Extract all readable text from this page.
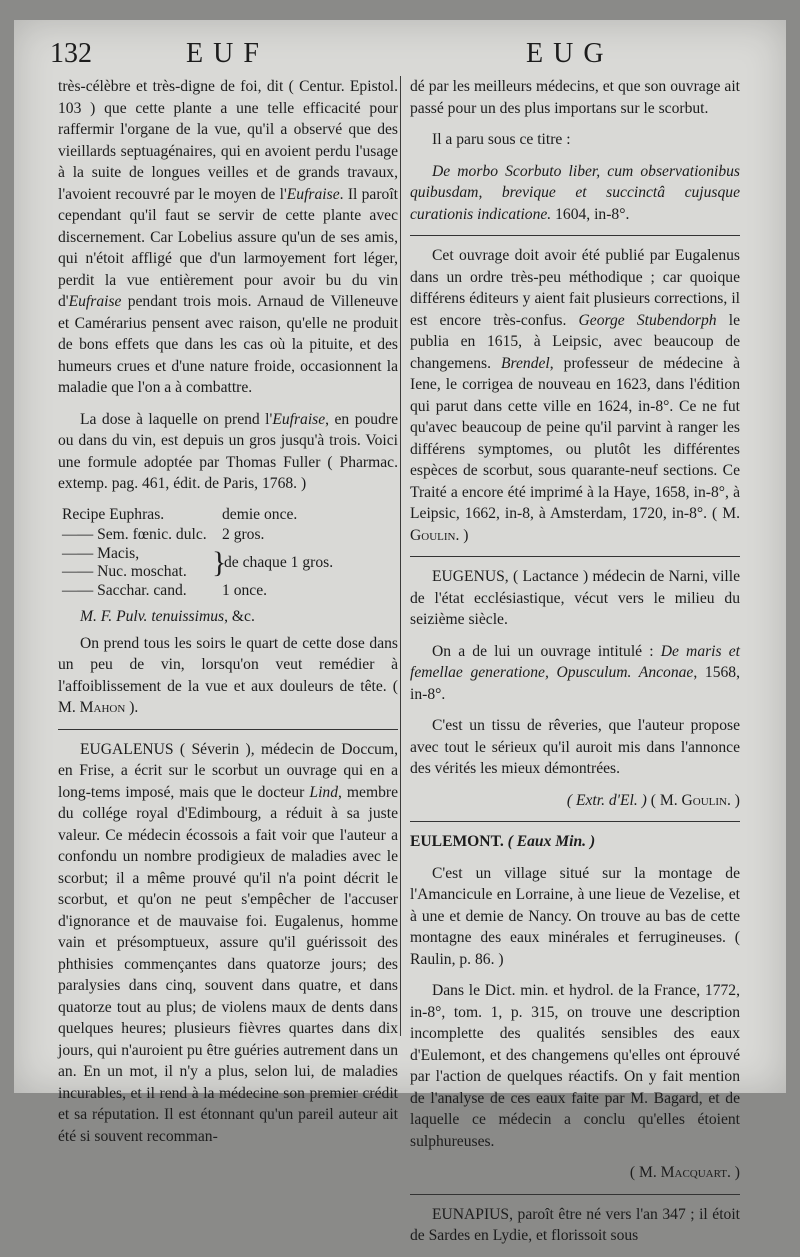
132	EUF	EUG

très-célèbre et très-digne de foi, dit ( Centur. Epistol. 103 ) que cette plante a une telle efficacité pour raffermir l'organe de la vue, qu'il a observé que des vieillards septuagénaires, qui en avoient perdu l'usage à la suite de longues veilles et de grands travaux, l'avoient recouvré par le moyen de l'Eufraise. Il paroît cependant qu'il faut se servir de cette plante avec discernement. Car Lobelius assure qu'un de ses amis, qui n'étoit affligé que d'un larmoyement fort léger, perdit la vue entièrement pour avoir bu du vin d'Eufraise pendant trois mois. Arnaud de Villeneuve et Camérarius pensent avec raison, qu'elle ne produit de bons effets que dans les cas où la pituite, et des humeurs crues et d'une nature froide, occasionnent la maladie que l'on a à combattre.

La dose à laquelle on prend l'Eufraise, en poudre ou dans du vin, est depuis un gros jusqu'à trois. Voici une formule adoptée par Thomas Fuller ( Pharmac. extemp. pag. 461, édit. de Paris, 1768. )

Recipe Euphras.	demie once.
—— Sem. fœnic. dulc. 2 gros.
—— Macis,
—— Nuc. moschat. }
de chaque 1 gros.
—— Sacchar. cand.	1 once.
M. F. Pulv. tenuissimus , &c.

On prend tous les soirs le quart de cette dose dans un peu de vin, lorsqu'on veut remédier à l'affoiblissement de la vue et aux douleurs de tête. ( M. Mahon ).

EUGALENUS ( Séverin ), médecin de Doccum, en Frise, a écrit sur le scorbut un ouvrage qui en a long-tems imposé, mais que le docteur Lind, membre du collége royal d'Edimbourg, a réduit à sa juste valeur. Ce médecin écossois a fait voir que l'auteur a confondu un nombre prodigieux de maladies avec le scorbut; il a même prouvé qu'il n'a point décrit le scorbut, et qu'on ne peut s'empêcher de l'accuser d'ignorance et de mauvaise foi. Eugalenus, homme vain et présomptueux, assure qu'il guérissoit des phthisies commençantes dans quatorze jours; des paralysies dans cinq, souvent dans quatre, et dans quatorze tout au plus; de violens maux de dents dans quelques heures; plusieurs fièvres quartes dans dix jours, qui n'auroient pu être guéries autrement dans un an. En un mot, il n'y a plus, selon lui, de maladies incurables, et il rend à la médecine son premier crédit et sa réputation. Il est étonnant qu'un pareil auteur ait été si souvent recomman-

dé par les meilleurs médecins, et que son ouvrage ait passé pour un des plus importans sur le scorbut.

Il a paru sous ce titre :

De morbo Scorbuto liber, cum observationibus quibusdam, brevique et succinctâ cujusque curationis indicatione. 1604, in-8°.

Cet ouvrage doit avoir été publié par Eugalenus dans un ordre très-peu méthodique ; car quoique différens éditeurs y aient fait plusieurs corrections, il est encore très-confus. George Stubendorph le publia en 1615, à Leipsic, avec beaucoup de changemens. Brendel, professeur de médecine à Iene, le corrigea de nouveau en 1623, dans l'édition qui parut dans cette ville en 1624, in-8°. Ce ne fut qu'avec beaucoup de peine qu'il parvint à ranger les différens symptomes, ou plutôt les différentes espèces de scorbut, sous quarante-neuf sections. Ce Traité a encore été imprimé à la Haye, 1658, in-8°, à Leipsic, 1662, in-8, à Amsterdam, 1720, in-8°. ( M. Goulin. )

EUGENUS, ( Lactance ) médecin de Narni, ville de l'état ecclésiastique, vécut vers le milieu du seizième siècle.

On a de lui un ouvrage intitulé : De maris et femellae generatione, Opusculum. Anconae, 1568, in-8°.

C'est un tissu de rêveries, que l'auteur propose avec tout le sérieux qu'il auroit mis dans l'annonce des vérités les mieux démontrées.

( Extr. d'El. ) ( M. Goulin. )

EULEMONT. ( Eaux Min. )

C'est un village situé sur la montage de l'Amancicule en Lorraine, à une lieue de Vezelise, et à une et demie de Nancy. On trouve au bas de cette montagne des eaux minérales et ferrugineuses. ( Raulin, p. 86. )

Dans le Dict. min. et hydrol. de la France, 1772, in-8°, tom. 1, p. 315, on trouve une description incomplette des qualités sensibles des eaux d'Eulemont, et des changemens qu'elles ont éprouvé par l'action de quelques réactifs. On y fait mention de l'analyse de ces eaux faite par M. Bagard, et de laquelle ce médecin a conclu qu'elles étoient sulphureuses.

( M. Macquart. )

EUNAPIUS, paroît être né vers l'an 347 ; il étoit de Sardes en Lydie, et florissoit sous
